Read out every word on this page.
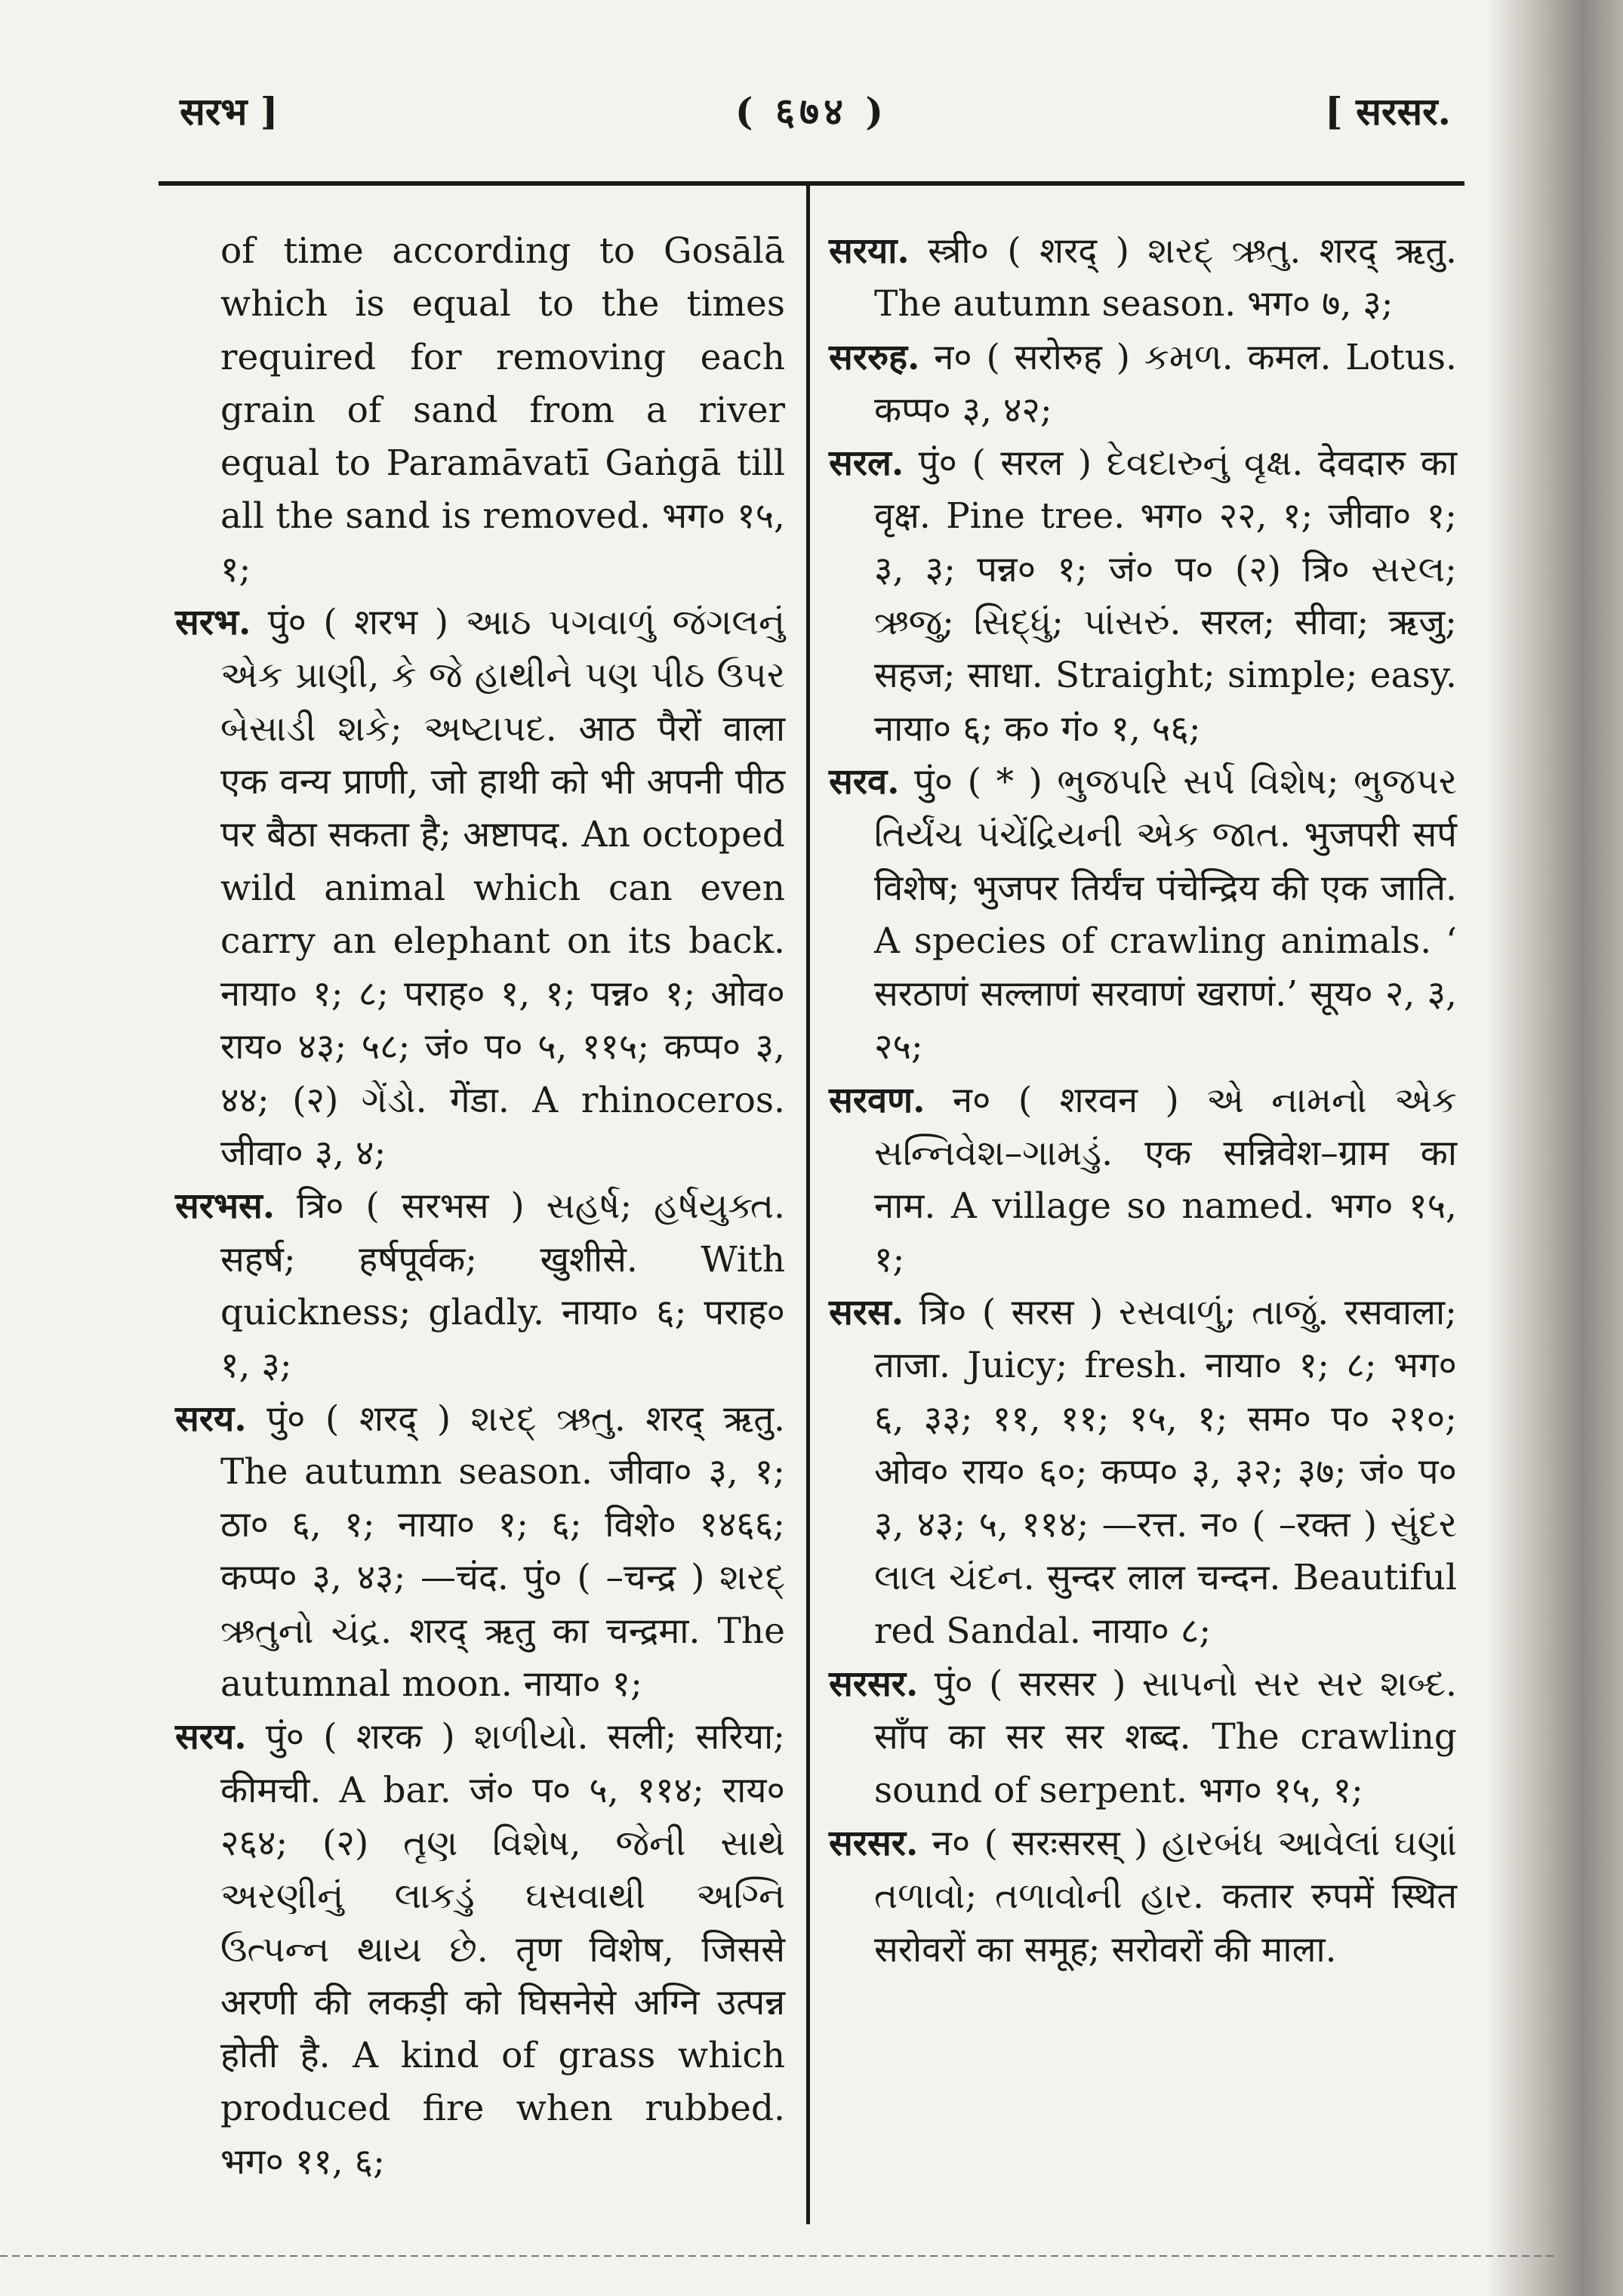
सरभ ]	( ६७४ )	[ सरसर.

of time according to Gosālā which is equal to the times required for removing each grain of sand from a river equal to Paramāvatī Gaṅgā till all the sand is removed. भग० १५, १;

सरभ. पुं० ( शरभ ) આઠ પગવાળું જંગલનું એક પ્રાણી, કે જે હાથીને પણ પીઠ ઉપર બેસાડી શકે; અષ્ટાપદ. आठ पैरों वाला एक वन्य प्राणी, जो हाथी को भी अपनी पीठ पर बैठा सकता है; अष्टापद. An octoped wild animal which can even carry an elephant on its back. नाया० १; ८; पराह० १, १; पन्न० १; ओव० राय० ४३; ५८; जं० प० ५, ११५; कप्प० ३, ४४; (२) ગેંડો. गेंडा. A rhinoceros. जीवा० ३, ४;

सरभस. त्रि० ( सरभस ) સહર્ષ; હર્ષયુક્ત. सहर्ष; हर्षपूर्वक; खुशीसे. With quickness; gladly. नाया० ६; पराह० १, ३;

सरय. पुं० ( शरद् ) શરદ્ ઋતુ. शरद् ऋतु. The autumn season. जीवा० ३, १; ठा० ६, १; नाया० १; ६; विशे० १४६६; कप्प० ३, ४३; —चंद. पुं० ( –चन्द्र ) શરદ્ ઋતુનો ચંદ્ર. शरद् ऋतु का चन्द्रमा. The autumnal moon. नाया० १;

सरय. पुं० ( शरक ) શળીયો. सली; सरिया; कीमची. A bar. जं० प० ५, ११४; राय० २६४; (२) તૃણ વિશેષ, જેની સાથે અરણીનું લાકડું ઘસવાથી અગ્નિ ઉત્પન્ન થાય છે. तृण विशेष, जिससे अरणी की लकड़ी को घिसनेसे अग्नि उत्पन्न होती है. A kind of grass which produced fire when rubbed. भग० ११, ६;

सरया. स्त्री० ( शरद् ) શરદ્ ઋતુ. शरद् ऋतु. The autumn season. भग० ७, ३;

सररुह. न० ( सरोरुह ) કમળ. कमल. Lotus. कप्प० ३, ४२;

सरल. पुं० ( सरल ) દેવદારુનું વૃક્ષ. देवदारु का वृक्ष. Pine tree. भग० २२, १; जीवा० १; ३, ३; पन्न० १; जं० प० (२) त्रि० સરલ; ઋજુ; સિદ્ધું; પાંસરું. सरल; सीवा; ऋजु; सहज; साधा. Straight; simple; easy. नाया० ६; क० गं० १, ५६;

सरव. पुं० ( * ) ભુજપરિ સર્પ વિશેષ; ભુજપર તિર્યંચ પંચેંદ્રિયની એક જાત. भुजपरी सर्प विशेष; भुजपर तिर्यंच पंचेन्द्रिय की एक जाति. A species of crawling animals. ‘ सरठाणं सल्लाणं सरवाणं खराणं.’ सूय० २, ३, २५;

सरवण. न० ( शरवन ) એ નામનો એક સન્નિવેશ–ગામડું. एक सन्निवेश–ग्राम का नाम. A village so named. भग० १५, १;

सरस. त्रि० ( सरस ) રસવાળું; તાજું. रसवाला; ताजा. Juicy; fresh. नाया० १; ८; भग० ६, ३३; ११, ११; १५, १; सम० प० २१०; ओव० राय० ६०; कप्प० ३, ३२; ३७; जं० प० ३, ४३; ५, ११४; —रत्त. न० ( –रक्त ) સુંદર લાલ ચંદન. सुन्दर लाल चन्दन. Beautiful red Sandal. नाया० ८;

सरसर. पुं० ( सरसर ) સાપનો સર સર શબ્દ. साँप का सर सर शब्द. The crawling sound of serpent. भग० १५, १;

सरसर. न० ( सरःसरस् ) હારબંધ આવેલાં ઘણાં તળાવો; તળાવોની હાર. कतार रुपमें स्थित सरोवरों का समूह; सरोवरों की माला.
